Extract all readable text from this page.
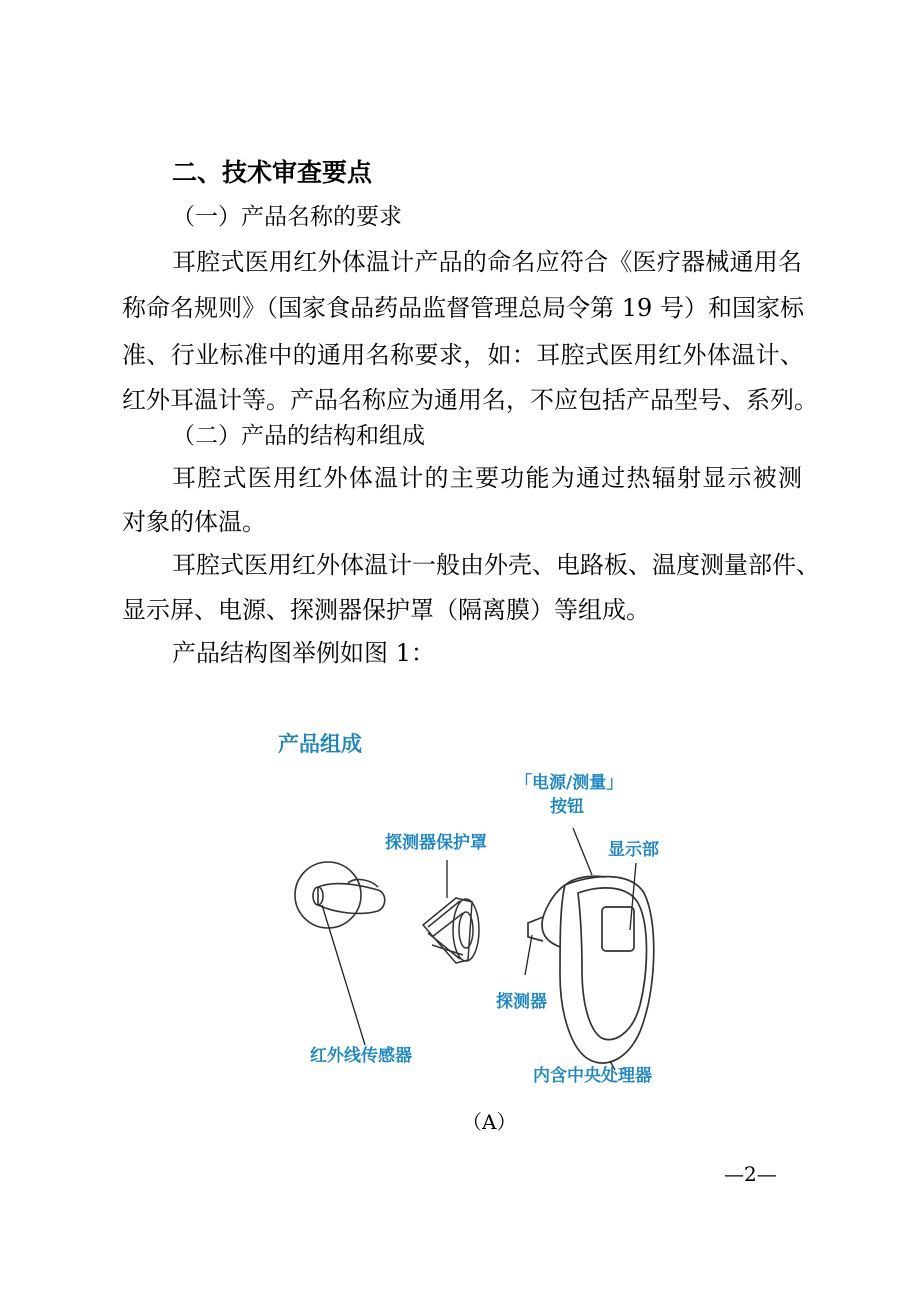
二、技术审查要点
（一）产品名称的要求
耳腔式医用红外体温计产品的命名应符合《医疗器械通用名
称命名规则》（国家食品药品监督管理总局令第 19 号）和国家标
准、行业标准中的通用名称要求，如：耳腔式医用红外体温计、
红外耳温计等。产品名称应为通用名，不应包括产品型号、系列。
（二）产品的结构和组成
耳腔式医用红外体温计的主要功能为通过热辐射显示被测
对象的体温。
耳腔式医用红外体温计一般由外壳、电路板、温度测量部件、
显示屏、电源、探测器保护罩（隔离膜）等组成。
产品结构图举例如图 1：
产品组成
「电源/测量」
按钮
探测器保护罩	显示部
探测器
红外线传感器
内含中央处理器
（A）
—2—
